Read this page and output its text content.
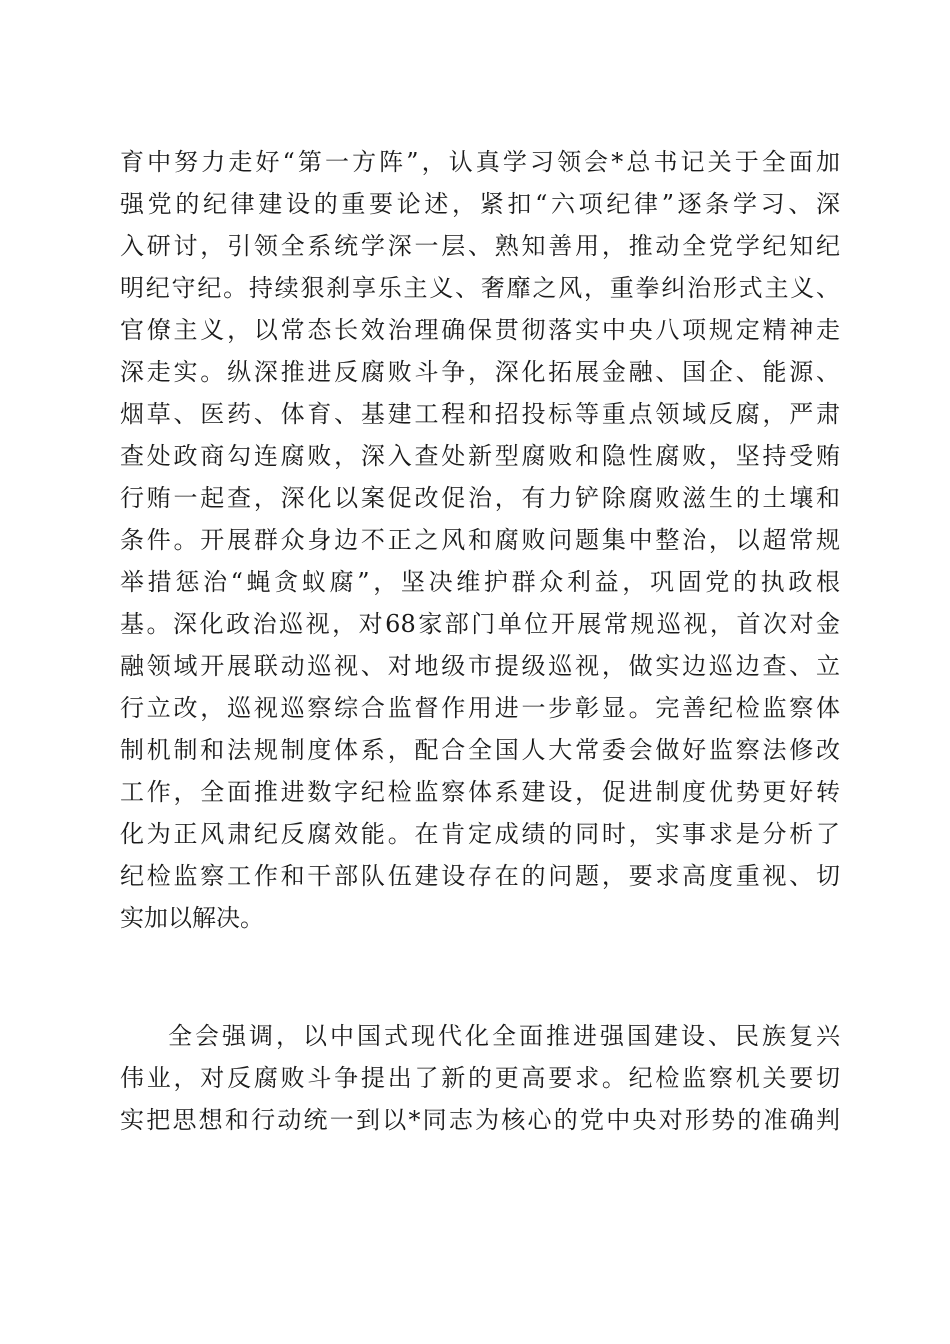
育中努力走好“第一方阵”，认真学习领会*总书记关于全面加
强党的纪律建设的重要论述，紧扣“六项纪律”逐条学习、深
入研讨，引领全系统学深一层、熟知善用，推动全党学纪知纪
明纪守纪。持续狠刹享乐主义、奢靡之风，重拳纠治形式主义、
官僚主义，以常态长效治理确保贯彻落实中央八项规定精神走
深走实。纵深推进反腐败斗争，深化拓展金融、国企、能源、
烟草、医药、体育、基建工程和招投标等重点领域反腐，严肃
查处政商勾连腐败，深入查处新型腐败和隐性腐败，坚持受贿
行贿一起查，深化以案促改促治，有力铲除腐败滋生的土壤和
条件。开展群众身边不正之风和腐败问题集中整治，以超常规
举措惩治“蝇贪蚁腐”，坚决维护群众利益，巩固党的执政根
基。深化政治巡视，对68家部门单位开展常规巡视，首次对金
融领域开展联动巡视、对地级市提级巡视，做实边巡边查、立
行立改，巡视巡察综合监督作用进一步彰显。完善纪检监察体
制机制和法规制度体系，配合全国人大常委会做好监察法修改
工作，全面推进数字纪检监察体系建设，促进制度优势更好转
化为正风肃纪反腐效能。在肯定成绩的同时，实事求是分析了
纪检监察工作和干部队伍建设存在的问题，要求高度重视、切
实加以解决。
全会强调，以中国式现代化全面推进强国建设、民族复兴
伟业，对反腐败斗争提出了新的更高要求。纪检监察机关要切
实把思想和行动统一到以*同志为核心的党中央对形势的准确判
